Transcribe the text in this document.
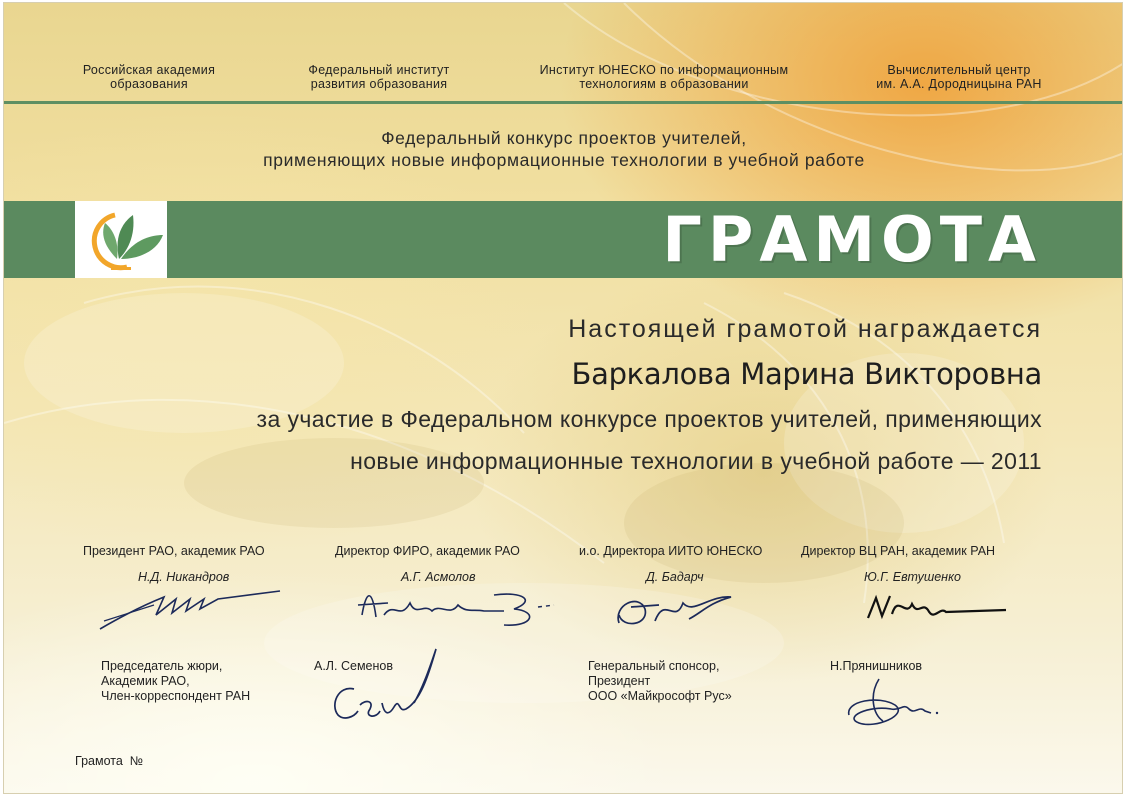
Российская академия
образования
Федеральный институт
развития образования
Институт ЮНЕСКО по информационным
технологиям в образовании
Вычислительный центр
им. А.А. Дородницына РАН
Федеральный конкурс проектов учителей,
применяющих новые информационные технологии в учебной работе
ГРАМОТА
Настоящей грамотой награждается
Баркалова Марина Викторовна
за участие в Федеральном конкурсе проектов учителей, применяющих
новые информационные технологии в учебной работе — 2011
Президент РАО, академик РАО
Н.Д. Никандров
Директор ФИРО, академик РАО
А.Г. Асмолов
и.о. Директора ИИТО ЮНЕСКО
Д. Бадарч
Директор ВЦ РАН, академик РАН
Ю.Г. Евтушенко
Председатель жюри,
Академик РАО,
Член-корреспондент РАН
А.Л. Семенов	Генеральный спонсор,
Президент
ООО «Майкрософт Рус»
Н.Прянишников
Грамота  №
